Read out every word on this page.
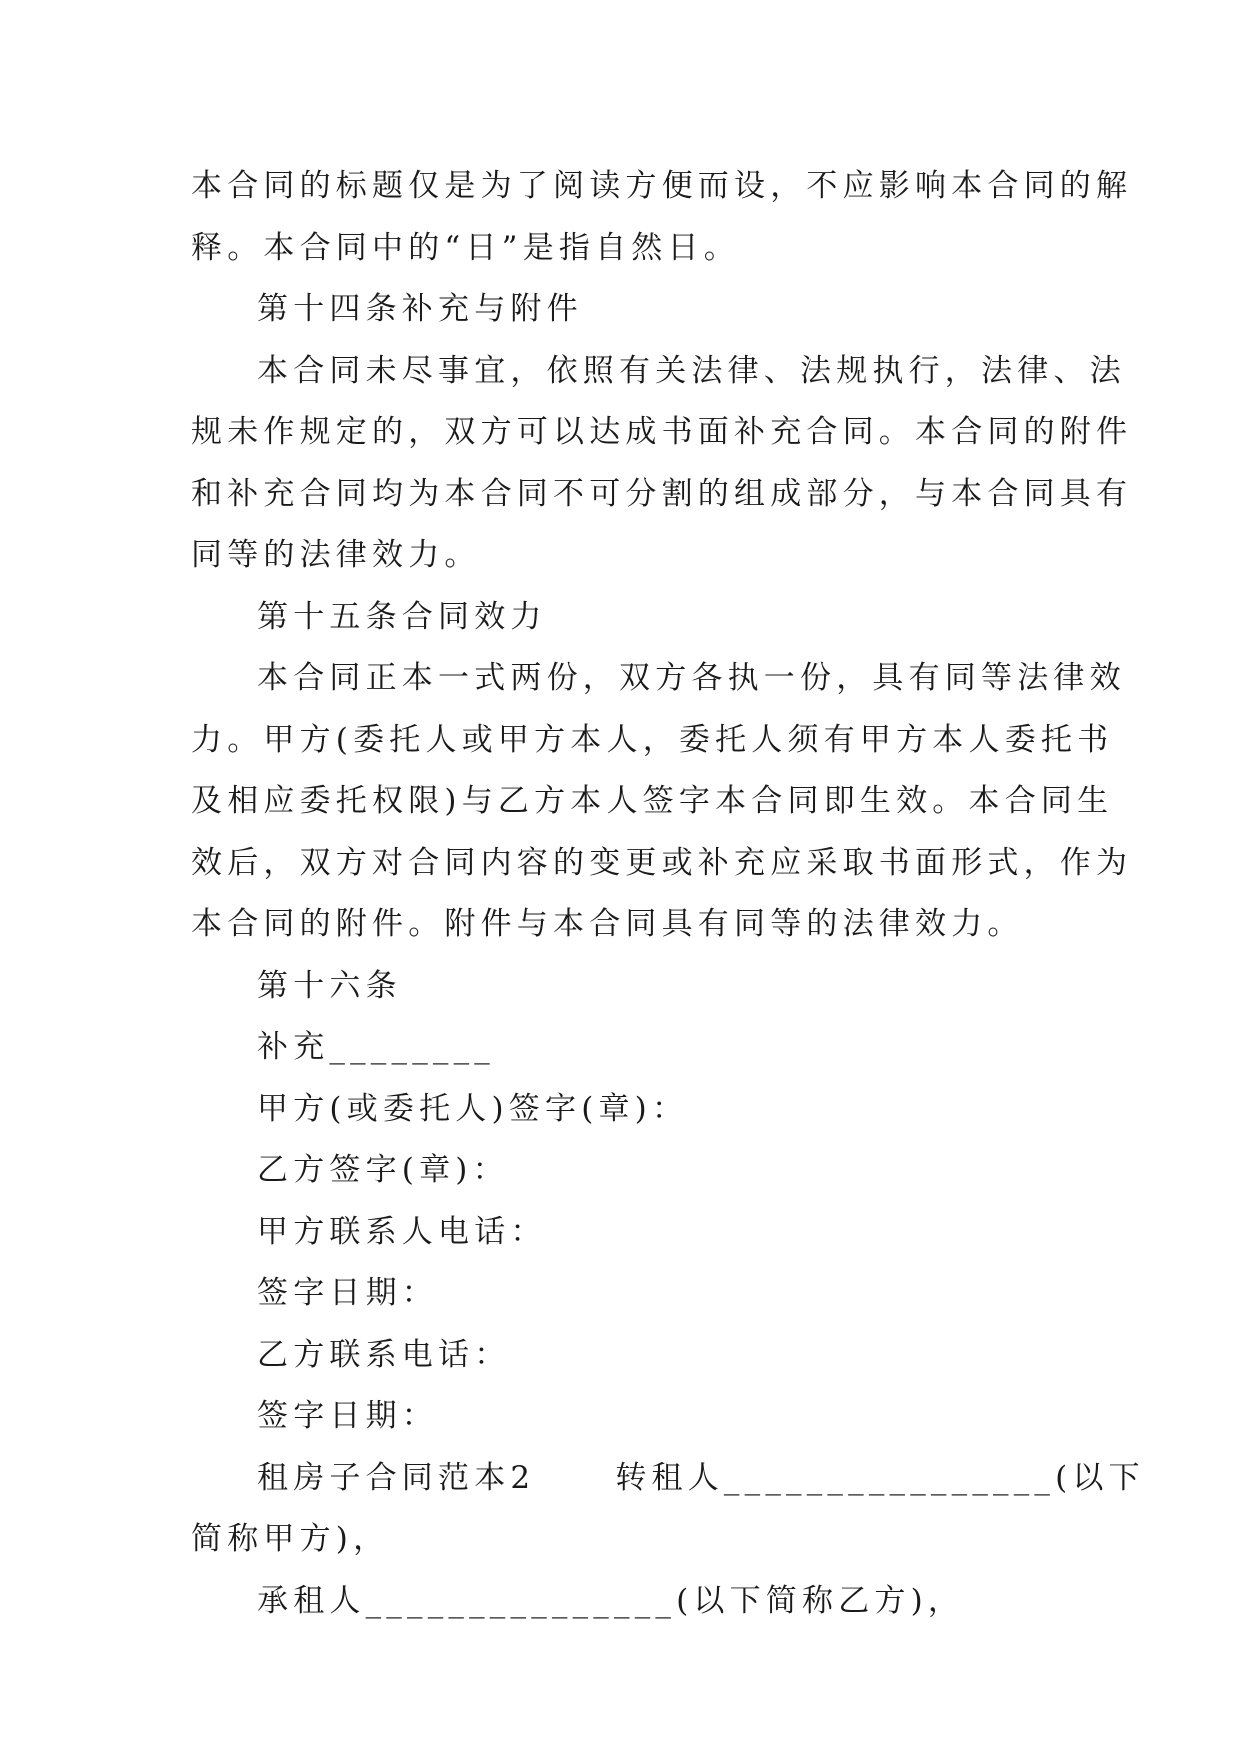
本合同的标题仅是为了阅读方便而设，不应影响本合同的解
释。本合同中的“日”是指自然日。
第十四条补充与附件
本合同未尽事宜，依照有关法律、法规执行，法律、法
规未作规定的，双方可以达成书面补充合同。本合同的附件
和补充合同均为本合同不可分割的组成部分，与本合同具有
同等的法律效力。
第十五条合同效力
本合同正本一式两份，双方各执一份，具有同等法律效
力。甲方(委托人或甲方本人，委托人须有甲方本人委托书
及相应委托权限)与乙方本人签字本合同即生效。本合同生
效后，双方对合同内容的变更或补充应采取书面形式，作为
本合同的附件。附件与本合同具有同等的法律效力。
第十六条
补充________
甲方(或委托人)签字(章)：
乙方签字(章)：
甲方联系人电话：
签字日期：
乙方联系电话：
签字日期：
租房子合同范本2	转租人________________(以下
简称甲方)，
承租人_______________(以下简称乙方)，
